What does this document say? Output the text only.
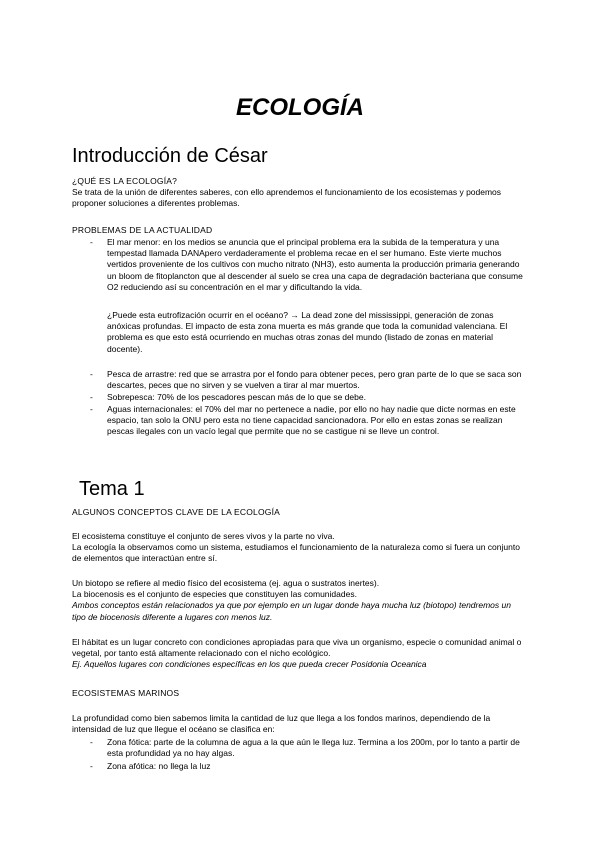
ECOLOGÍA
Introducción de César
¿QUÉ ES LA ECOLOGÍA?

Se trata de la unión de diferentes saberes, con ello aprendemos el funcionamiento de los ecosistemas y podemos proponer soluciones a diferentes problemas.

PROBLEMAS DE LA ACTUALIDAD
- El mar menor: en los medios se anuncia que el principal problema era la subida de la temperatura y una tempestad llamada DANApero verdaderamente el problema recae en el ser humano. Este vierte muchos vertidos proveniente de los cultivos con mucho nitrato (NH3), esto aumenta la producción primaria generando un bloom de fitoplancton que al descender al suelo se crea una capa de degradación bacteriana que consume O2 reduciendo así su concentración en el mar y dificultando la vida.
¿Puede esta eutrofización ocurrir en el océano? → La dead zone del mississippi, generación de zonas anóxicas profundas. El impacto de esta zona muerta es más grande que toda la comunidad valenciana. El problema es que esto está ocurriendo en muchas otras zonas del mundo (listado de zonas en material docente).
- Pesca de arrastre: red que se arrastra por el fondo para obtener peces, pero gran parte de lo que se saca son descartes, peces que no sirven y se vuelven a tirar al mar muertos.
- Sobrepesca: 70% de los pescadores pescan más de lo que se debe.
- Aguas internacionales: el 70% del mar no pertenece a nadie, por ello no hay nadie que dicte normas en este espacio, tan solo la ONU pero esta no tiene capacidad sancionadora. Por ello en estas zonas se realizan pescas ilegales con un vacío legal que permite que no se castigue ni se lleve un control.
Tema 1
ALGUNOS CONCEPTOS CLAVE DE LA ECOLOGÍA

El ecosistema constituye el conjunto de seres vivos y la parte no viva.

La ecología la observamos como un sistema, estudiamos el funcionamiento de la naturaleza como si fuera un conjunto de elementos que interactúan entre sí.

Un biotopo se refiere al medio físico del ecosistema (ej. agua o sustratos inertes).

La biocenosis es el conjunto de especies que constituyen las comunidades.

Ambos conceptos están relacionados ya que por ejemplo en un lugar donde haya mucha luz (biotopo) tendremos un tipo de biocenosis diferente a lugares con menos luz.

El hábitat es un lugar concreto con condiciones apropiadas para que viva un organismo, especie o comunidad animal o vegetal, por tanto está altamente relacionado con el nicho ecológico.

Ej. Aquellos lugares con condiciones específicas en los que pueda crecer Posidonia Oceanica

ECOSISTEMAS MARINOS

La profundidad como bien sabemos limita la cantidad de luz que llega a los fondos marinos, dependiendo de la intensidad de luz que llegue el océano se clasifica en:

- Zona fótica: parte de la columna de agua a la que aún le llega luz. Termina a los 200m, por lo tanto a partir de esta profundidad ya no hay algas.
- Zona afótica: no llega la luz
